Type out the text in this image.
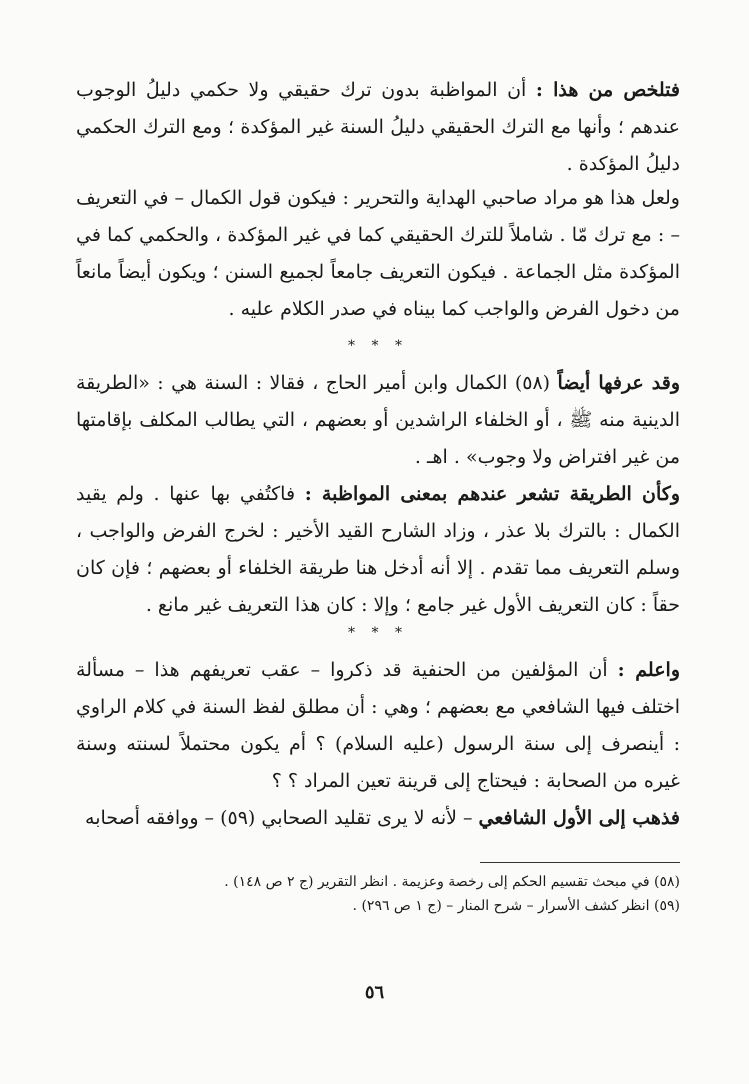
فتلخص من هذا : أن المواظبة بدون ترك حقيقي ولا حكمي دليلُ الوجوب عندهم ؛ وأنها مع الترك الحقيقي دليلُ السنة غير المؤكدة ؛ ومع الترك الحكمي دليلُ المؤكدة .

ولعل هذا هو مراد صاحبي الهداية والتحرير : فيكون قول الكمال – في التعريف – : مع ترك مّا . شاملاً للترك الحقيقي كما في غير المؤكدة ، والحكمي كما في المؤكدة مثل الجماعة . فيكون التعريف جامعاً لجميع السنن ؛ ويكون أيضاً مانعاً من دخول الفرض والواجب كما بيناه في صدر الكلام عليه .

* * *

وقد عرفها أيضاً (٥٨) الكمال وابن أمير الحاج ، فقالا : السنة هي : «الطريقة الدينية منه ﷺ ، أو الخلفاء الراشدين أو بعضهم ، التي يطالب المكلف بإقامتها من غير افتراض ولا وجوب» . اهـ .

وكأن الطريقة تشعر عندهم بمعنى المواظبة : فاكتُفي بها عنها . ولم يقيد الكمال : بالترك بلا عذر ، وزاد الشارح القيد الأخير : لخرج الفرض والواجب ، وسلم التعريف مما تقدم . إلا أنه أدخل هنا طريقة الخلفاء أو بعضهم ؛ فإن كان حقاً : كان التعريف الأول غير جامع ؛ وإلا : كان هذا التعريف غير مانع .

* * *

واعلم : أن المؤلفين من الحنفية قد ذكروا – عقب تعريفهم هذا – مسألة اختلف فيها الشافعي مع بعضهم ؛ وهي : أن مطلق لفظ السنة في كلام الراوي : أينصرف إلى سنة الرسول (عليه السلام) ؟ أم يكون محتملاً لسنته وسنة غيره من الصحابة : فيحتاج إلى قرينة تعين المراد ؟ ؟

فذهب إلى الأول الشافعي – لأنه لا يرى تقليد الصحابي (٥٩) – ووافقه أصحابه

(٥٨) في مبحث تقسيم الحكم إلى رخصة وعزيمة . انظر التقرير (ج ٢ ص ١٤٨) .

(٥٩) انظر كشف الأسرار – شرح المنار – (ج ١ ص ٢٩٦) .

٥٦
